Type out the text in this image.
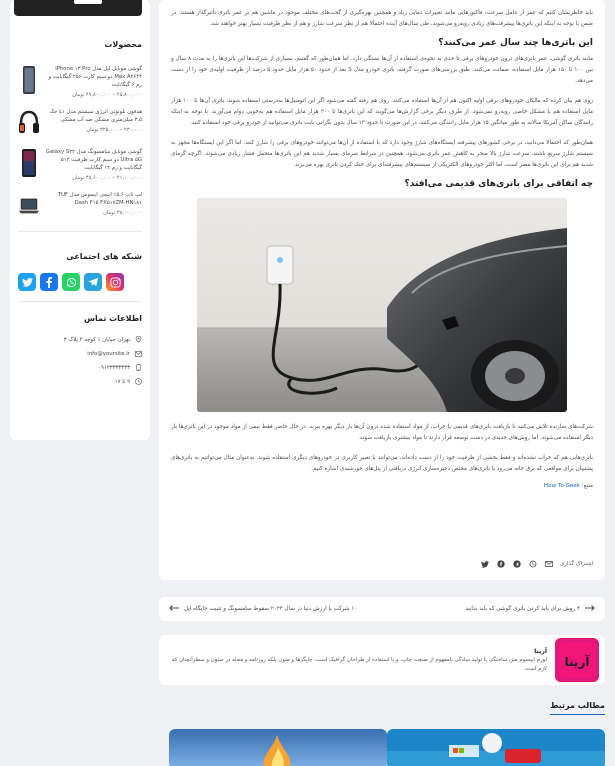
محصولات
گوشی موبایل اپل مدل iPhone ۱۳ Pro Max A۲۶۴۴ دو سیم کارت ۲۵۶ گیگابایت و رم ۶ گیگابایت
۴۵,۸۰۰,۰۰۰ – ۴۹,۸۰۰,۰۰۰ تومان
هدفون بلوتوثی انرژی سیستم مدل L۱ جک ۳.۵ میلی‌متری مشکی ضد آب مشکی
۲۳۰,۰۰۰ – ۳۲۵,۰۰۰ تومان
گوشی موبایل سامسونگ مدل Galaxy S۲۲ Ultra ۵G دو سیم کارت ظرفیت ۵۱۲ گیگابایت و رم ۱۲ گیگابایت
۴۱,۰۰۰,۰۰۰ – ۴۵,۶۰۰,۰۰۰ تومان
لپ تاپ ۱۵.۶ اینچی ایسوس مدل TUF Dash F۱۵ FX۵۱۷ZM-HN۱۸۱
۳۸,۰۰۰,۰۰۰ تومان
شبکه های اجتماعی
اطلاعات تماس
تهران خیابان ۱ کوچه ۲ پلاک ۳
info@yoursite.ir
۰۹۱۲۳۳۳۳۳۳۳
۹ تا ۱۷

باید خاطرنشان کنیم که عمر از عامل سرعت، فاکتورهایی مانند تغییرات دمایی زیاد و همچنین بهره‌گیری از گجت‌های مختلف موجود در ماشین هم بر عمر باتری تأثیرگذار هستند. در ضمن با توجه به اینکه این باتری‌ها پیشرفت‌های زیادی روبه‌رو می‌شوند، طی سال‌های آینده احتمالا هم از نظر سرعت شارژ و هم از نظر ظرفیت بسیار بهتر خواهند شد.

این باتری‌ها چند سال عمر می‌کنند؟

مانند باتری گوشی، عمر باتری‌های درون خودروهای برقی تا حدی به نحوه‌ی استفاده از آن‌ها بستگی دارد. اما همان‌طور که گفتیم، بسیاری از شرکت‌ها این باتری‌ها را به مدت ۸ سال و بین ۱۰۰ تا ۱۵۰ هزار مایل استفاده، ضمانت می‌کنند. طبق بررسی‌های صورت گرفته، باتری خودرو مدل S بعد از حدود ۵۰ هزار مایل حدود ۵ درصد از ظرفیت اولیه‌ی خود را از دست می‌دهد.

زوی هم بیان کرده که مالکان خودروهای برقی اولیه اکنون هم از آن‌ها استفاده می‌کنند. روی هم رفته گفته می‌شود اگر این اتومبیل‌ها به‌درستی استفاده شوند، باتری آن‌ها تا ۱۰۰ هزار مایل استفاده هم با مشکل خاصی روبه‌رو نمی‌شود. از طرف دیگر برخی گزارش‌ها می‌گویند که این باتری‌ها تا ۲۰۰ هزار مایل استفاده هم به‌خوبی دوام می‌آورند. با توجه به اینکه رانندگان ساکن آمریکا سالانه به طور میانگین ۱۵ هزار مایل رانندگی می‌کنند، در این صورت تا حدود ۱۳ سال بدون نگرانی بابت باتری می‌توانید از خودرو برقی خود استفاده کنید.

همان‌طور که احتمالا می‌دانید، در برخی کشورهای پیشرفته ایستگاه‌های شارژ وجود دارد که با استفاده از آن‌ها می‌توانند خودروهای برقی را شارژ کنند. اما اگر این ایستگاه‌ها مجهز به سیستم شارژ سریع باشند، سرعت شارژ بالا منجر به کاهش عمر باتری می‌شود. همچنین در شرایط سرمای بسیار شدید هم این باتری‌ها متحمل فشار زیادی می‌شوند. اگرچه گرمای شدید هم برای این باتری‌ها مضر است، اما اکثر خودروهای الکتریکی از سیستم‌های پیشرفته‌ای برای خنک کردن باتری بهره می‌برند.

چه اتفاقی برای باتری‌های قدیمی می‌افتد؟

شرکت‌های سازنده تلاش می‌کنند تا بازیافت باتری‌های قدیمی یا خراب، از مواد استفاده شده درون آن‌ها بار دیگر بهره ببرند. در حال حاضر فقط نیمی از مواد موجود در این باتری‌ها بار دیگر استفاده می‌شوند. اما روش‌های جدیدی در دست توسعه قرار دارند تا مواد بیشتری بازیافت شوند.

باتری‌هایی هم که خراب نشده‌اند و فقط بخشی از ظرفیت خود را از دست داده‌اند، می‌توانند با تغییر کاربری در خودروهای دیگری استفاده شوند. به‌عنوان مثال می‌توانیم به باتری‌های پشتیبان برای مواقعی که برق خانه می‌رود یا باتری‌های مختص ذخیره‌سازی انرژی دریافتی از پنل‌های خورشیدی اشاره کنیم.

منبع: How To Geek

اشتراک گذاری
۴ روش برای باید کردن باتری گوشی که باید بدانید
۱۰ شرکت با ارزش دنیا در سال ۲۰۲۳ سقوط سامسونگ و تثبیت جایگاه اپل
آرینا
آرینا
لورم ایپسوم متن ساختگی با تولید سادگی نامفهوم از صنعت چاپ، و با استفاده از طراحان گرافیک است، چاپگرها و متون بلکه روزنامه و مجله در ستون و سطرآنچنان که لازم است.
مطالب مرتبط
